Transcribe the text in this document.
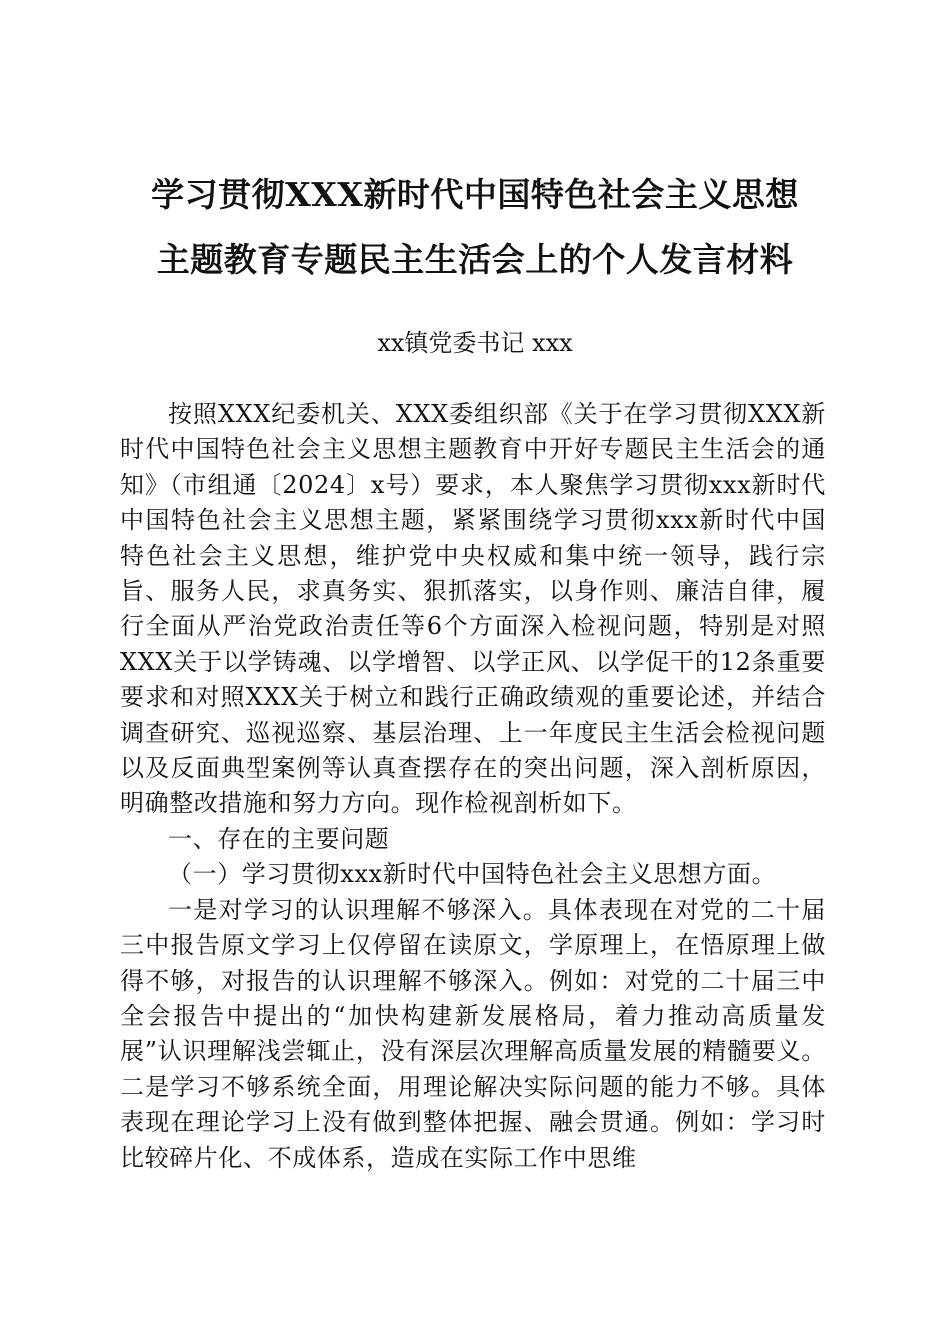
学习贯彻XXX新时代中国特色社会主义思想
主题教育专题民主生活会上的个人发言材料
xx镇党委书记 xxx

按照XXX纪委机关、XXX委组织部《关于在学习贯彻XXX新时代中国特色社会主义思想主题教育中开好专题民主生活会的通知》（市组通〔2024〕x号）要求，本人聚焦学习贯彻xxx新时代中国特色社会主义思想主题，紧紧围绕学习贯彻xxx新时代中国特色社会主义思想，维护党中央权威和集中统一领导，践行宗旨、服务人民，求真务实、狠抓落实，以身作则、廉洁自律，履行全面从严治党政治责任等6个方面深入检视问题，特别是对照XXX关于以学铸魂、以学增智、以学正风、以学促干的12条重要要求和对照XXX关于树立和践行正确政绩观的重要论述，并结合调查研究、巡视巡察、基层治理、上一年度民主生活会检视问题以及反面典型案例等认真查摆存在的突出问题，深入剖析原因，明确整改措施和努力方向。现作检视剖析如下。

一、存在的主要问题

（一）学习贯彻xxx新时代中国特色社会主义思想方面。

一是对学习的认识理解不够深入。具体表现在对党的二十届三中报告原文学习上仅停留在读原文，学原理上，在悟原理上做得不够，对报告的认识理解不够深入。例如：对党的二十届三中全会报告中提出的“加快构建新发展格局，着力推动高质量发展”认识理解浅尝辄止，没有深层次理解高质量发展的精髓要义。二是学习不够系统全面，用理论解决实际问题的能力不够。具体表现在理论学习上没有做到整体把握、融会贯通。例如：学习时比较碎片化、不成体系，造成在实际工作中思维
